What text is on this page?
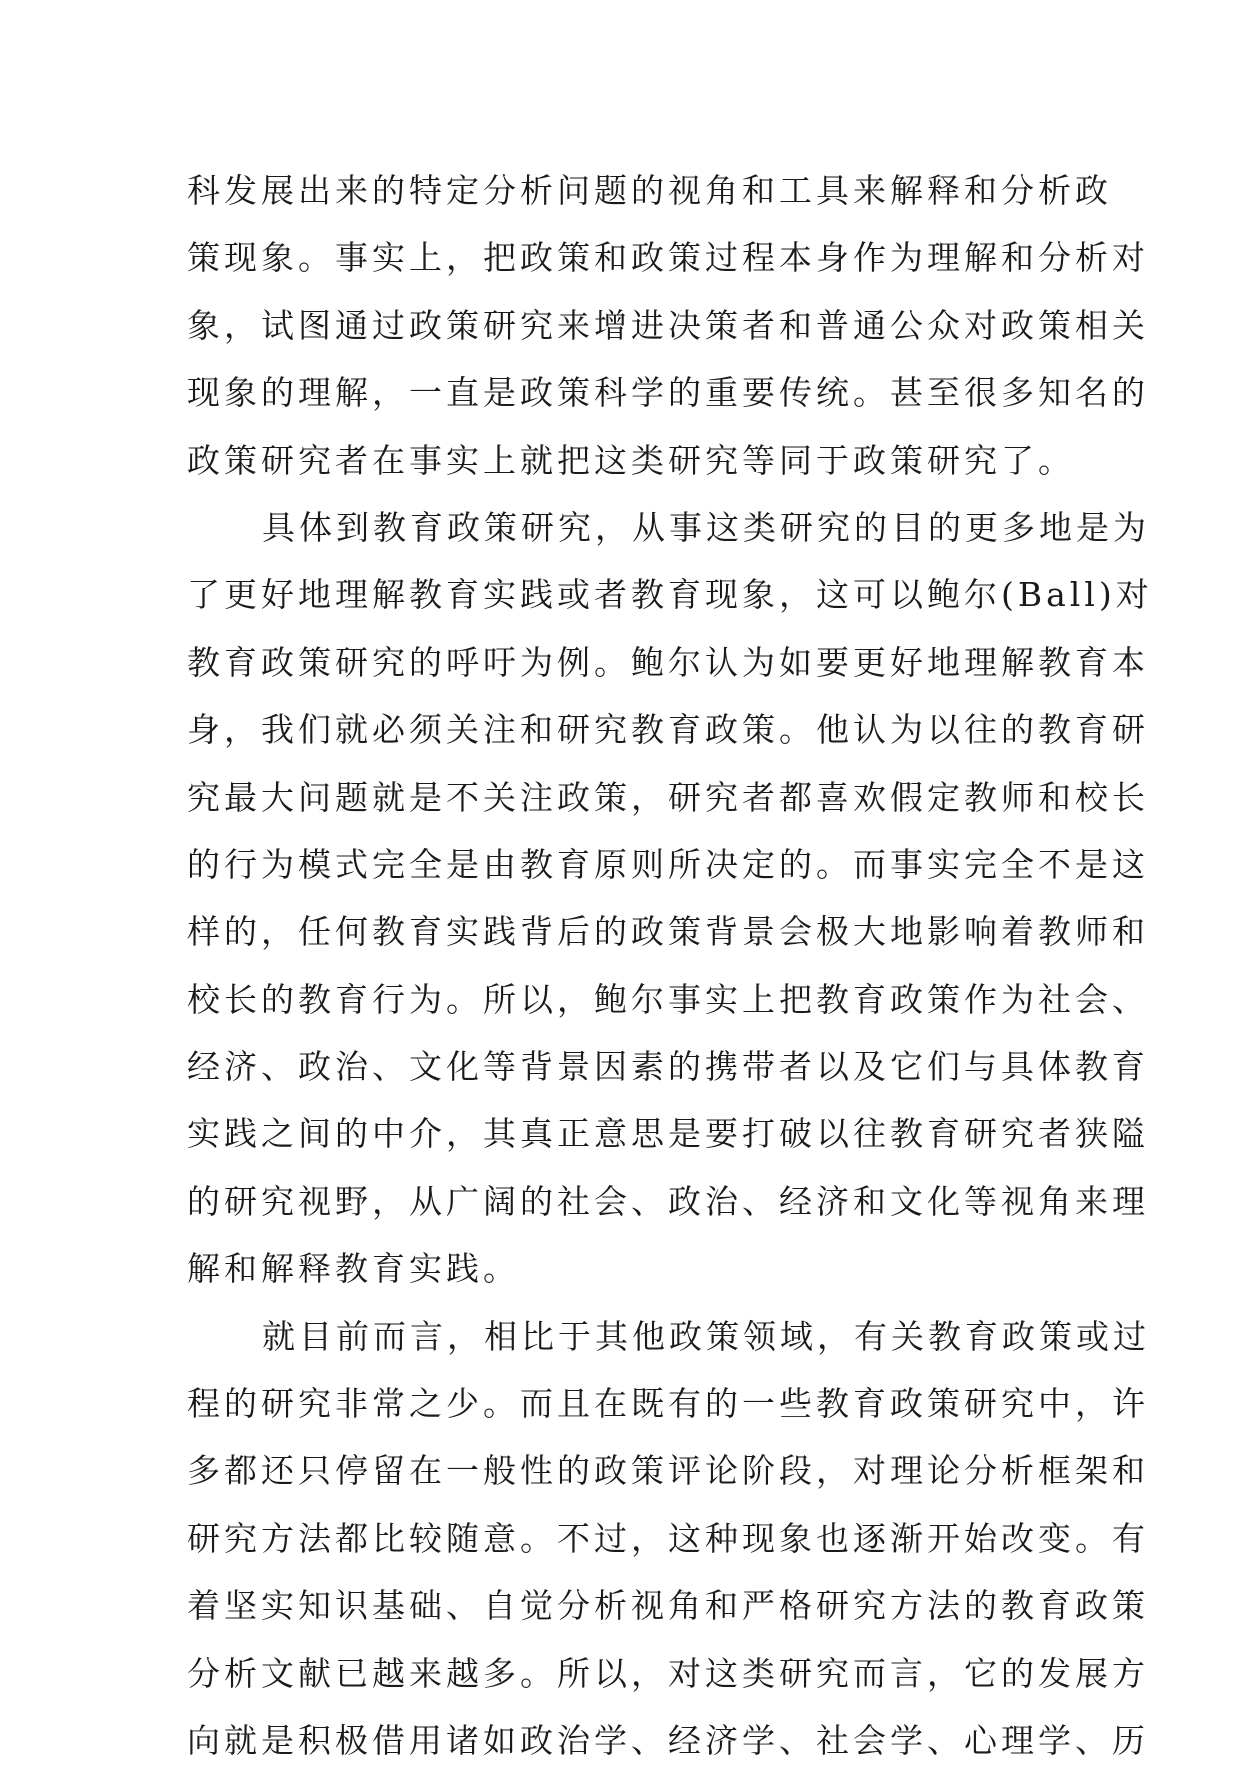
科发展出来的特定分析问题的视角和工具来解释和分析政
策现象。事实上，把政策和政策过程本身作为理解和分析对
象，试图通过政策研究来增进决策者和普通公众对政策相关
现象的理解，一直是政策科学的重要传统。甚至很多知名的
政策研究者在事实上就把这类研究等同于政策研究了。
具体到教育政策研究，从事这类研究的目的更多地是为
了更好地理解教育实践或者教育现象，这可以鲍尔(Ball)对
教育政策研究的呼吁为例。鲍尔认为如要更好地理解教育本
身，我们就必须关注和研究教育政策。他认为以往的教育研
究最大问题就是不关注政策，研究者都喜欢假定教师和校长
的行为模式完全是由教育原则所决定的。而事实完全不是这
样的，任何教育实践背后的政策背景会极大地影响着教师和
校长的教育行为。所以，鲍尔事实上把教育政策作为社会、
经济、政治、文化等背景因素的携带者以及它们与具体教育
实践之间的中介，其真正意思是要打破以往教育研究者狭隘
的研究视野，从广阔的社会、政治、经济和文化等视角来理
解和解释教育实践。
就目前而言，相比于其他政策领域，有关教育政策或过
程的研究非常之少。而且在既有的一些教育政策研究中，许
多都还只停留在一般性的政策评论阶段，对理论分析框架和
研究方法都比较随意。不过，这种现象也逐渐开始改变。有
着坚实知识基础、自觉分析视角和严格研究方法的教育政策
分析文献已越来越多。所以，对这类研究而言，它的发展方
向就是积极借用诸如政治学、经济学、社会学、心理学、历
